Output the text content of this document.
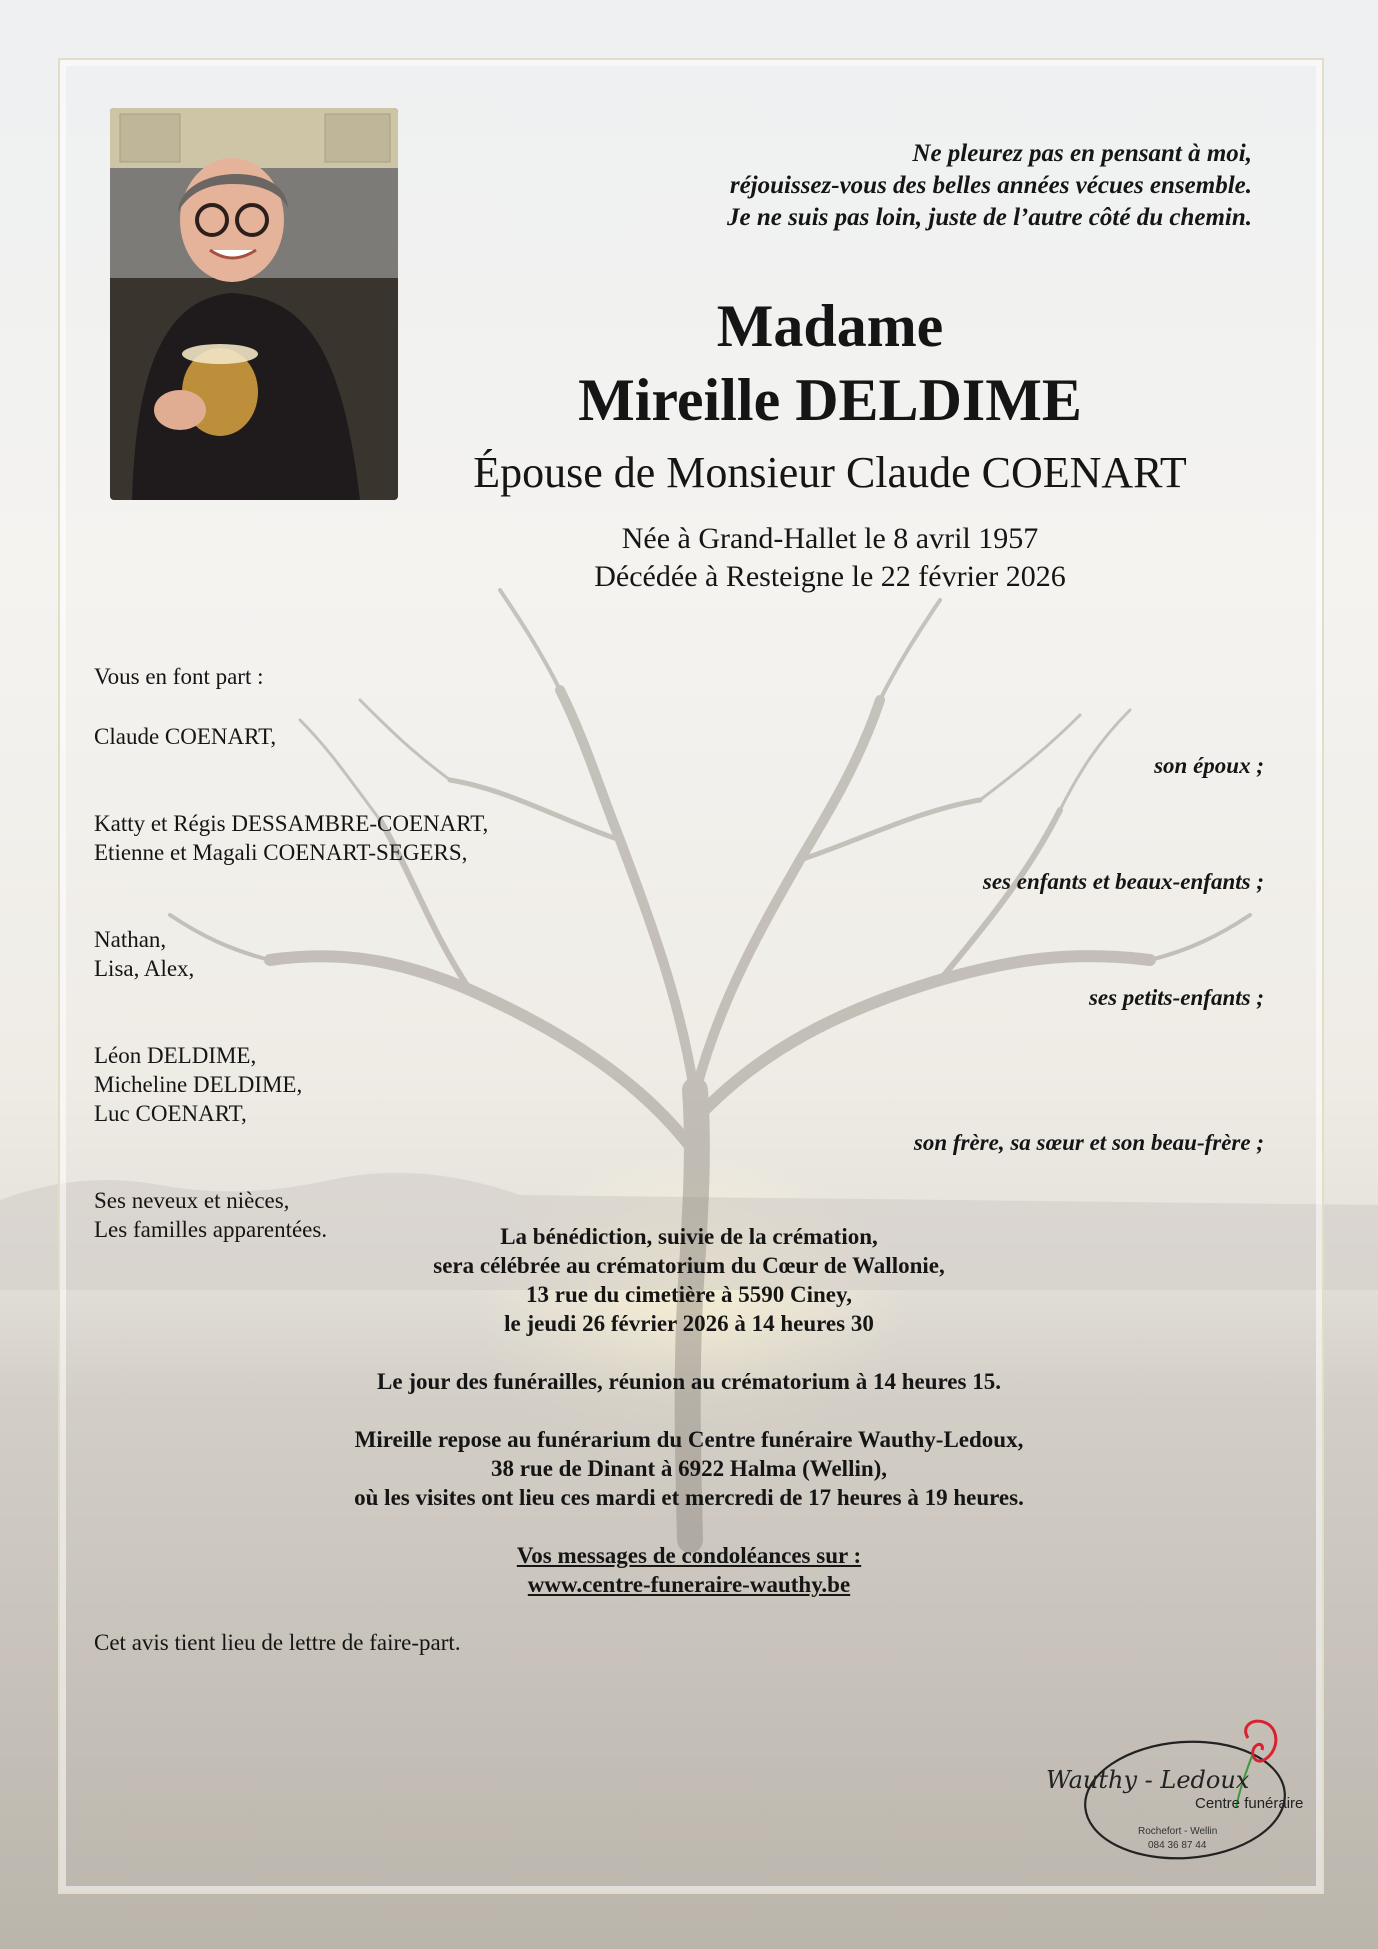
Ne pleurez pas en pensant à moi,
réjouissez-vous des belles années vécues ensemble.
Je ne suis pas loin, juste de l’autre côté du chemin.
Madame
Mireille DELDIME
Épouse de Monsieur Claude COENART
Née à Grand-Hallet le 8 avril 1957
Décédée à Resteigne le 22 février 2026
Vous en font part :
Claude COENART,
son époux ;
Katty et Régis DESSAMBRE-COENART,
Etienne et Magali COENART-SEGERS,
ses enfants et beaux-enfants ;
Nathan,
Lisa, Alex,
ses petits-enfants ;
Léon DELDIME,
Micheline DELDIME,
Luc COENART,
son frère, sa sœur et son beau-frère ;
Ses neveux et nièces,
Les familles apparentées.	La bénédiction, suivie de la crémation,
sera célébrée au crématorium du Cœur de Wallonie,
13 rue du cimetière à 5590 Ciney,
le jeudi 26 février 2026 à 14 heures 30
Le jour des funérailles, réunion au crématorium à 14 heures 15.
Mireille repose au funérarium du Centre funéraire Wauthy-Ledoux,
38 rue de Dinant à 6922 Halma (Wellin),
où les visites ont lieu ces mardi et mercredi de 17 heures à 19 heures.
Vos messages de condoléances sur :
www.centre-funeraire-wauthy.be
Cet avis tient lieu de lettre de faire-part.
Wauthy - Ledoux
Centre funéraire
Rochefort - Wellin
084 36 87 44
